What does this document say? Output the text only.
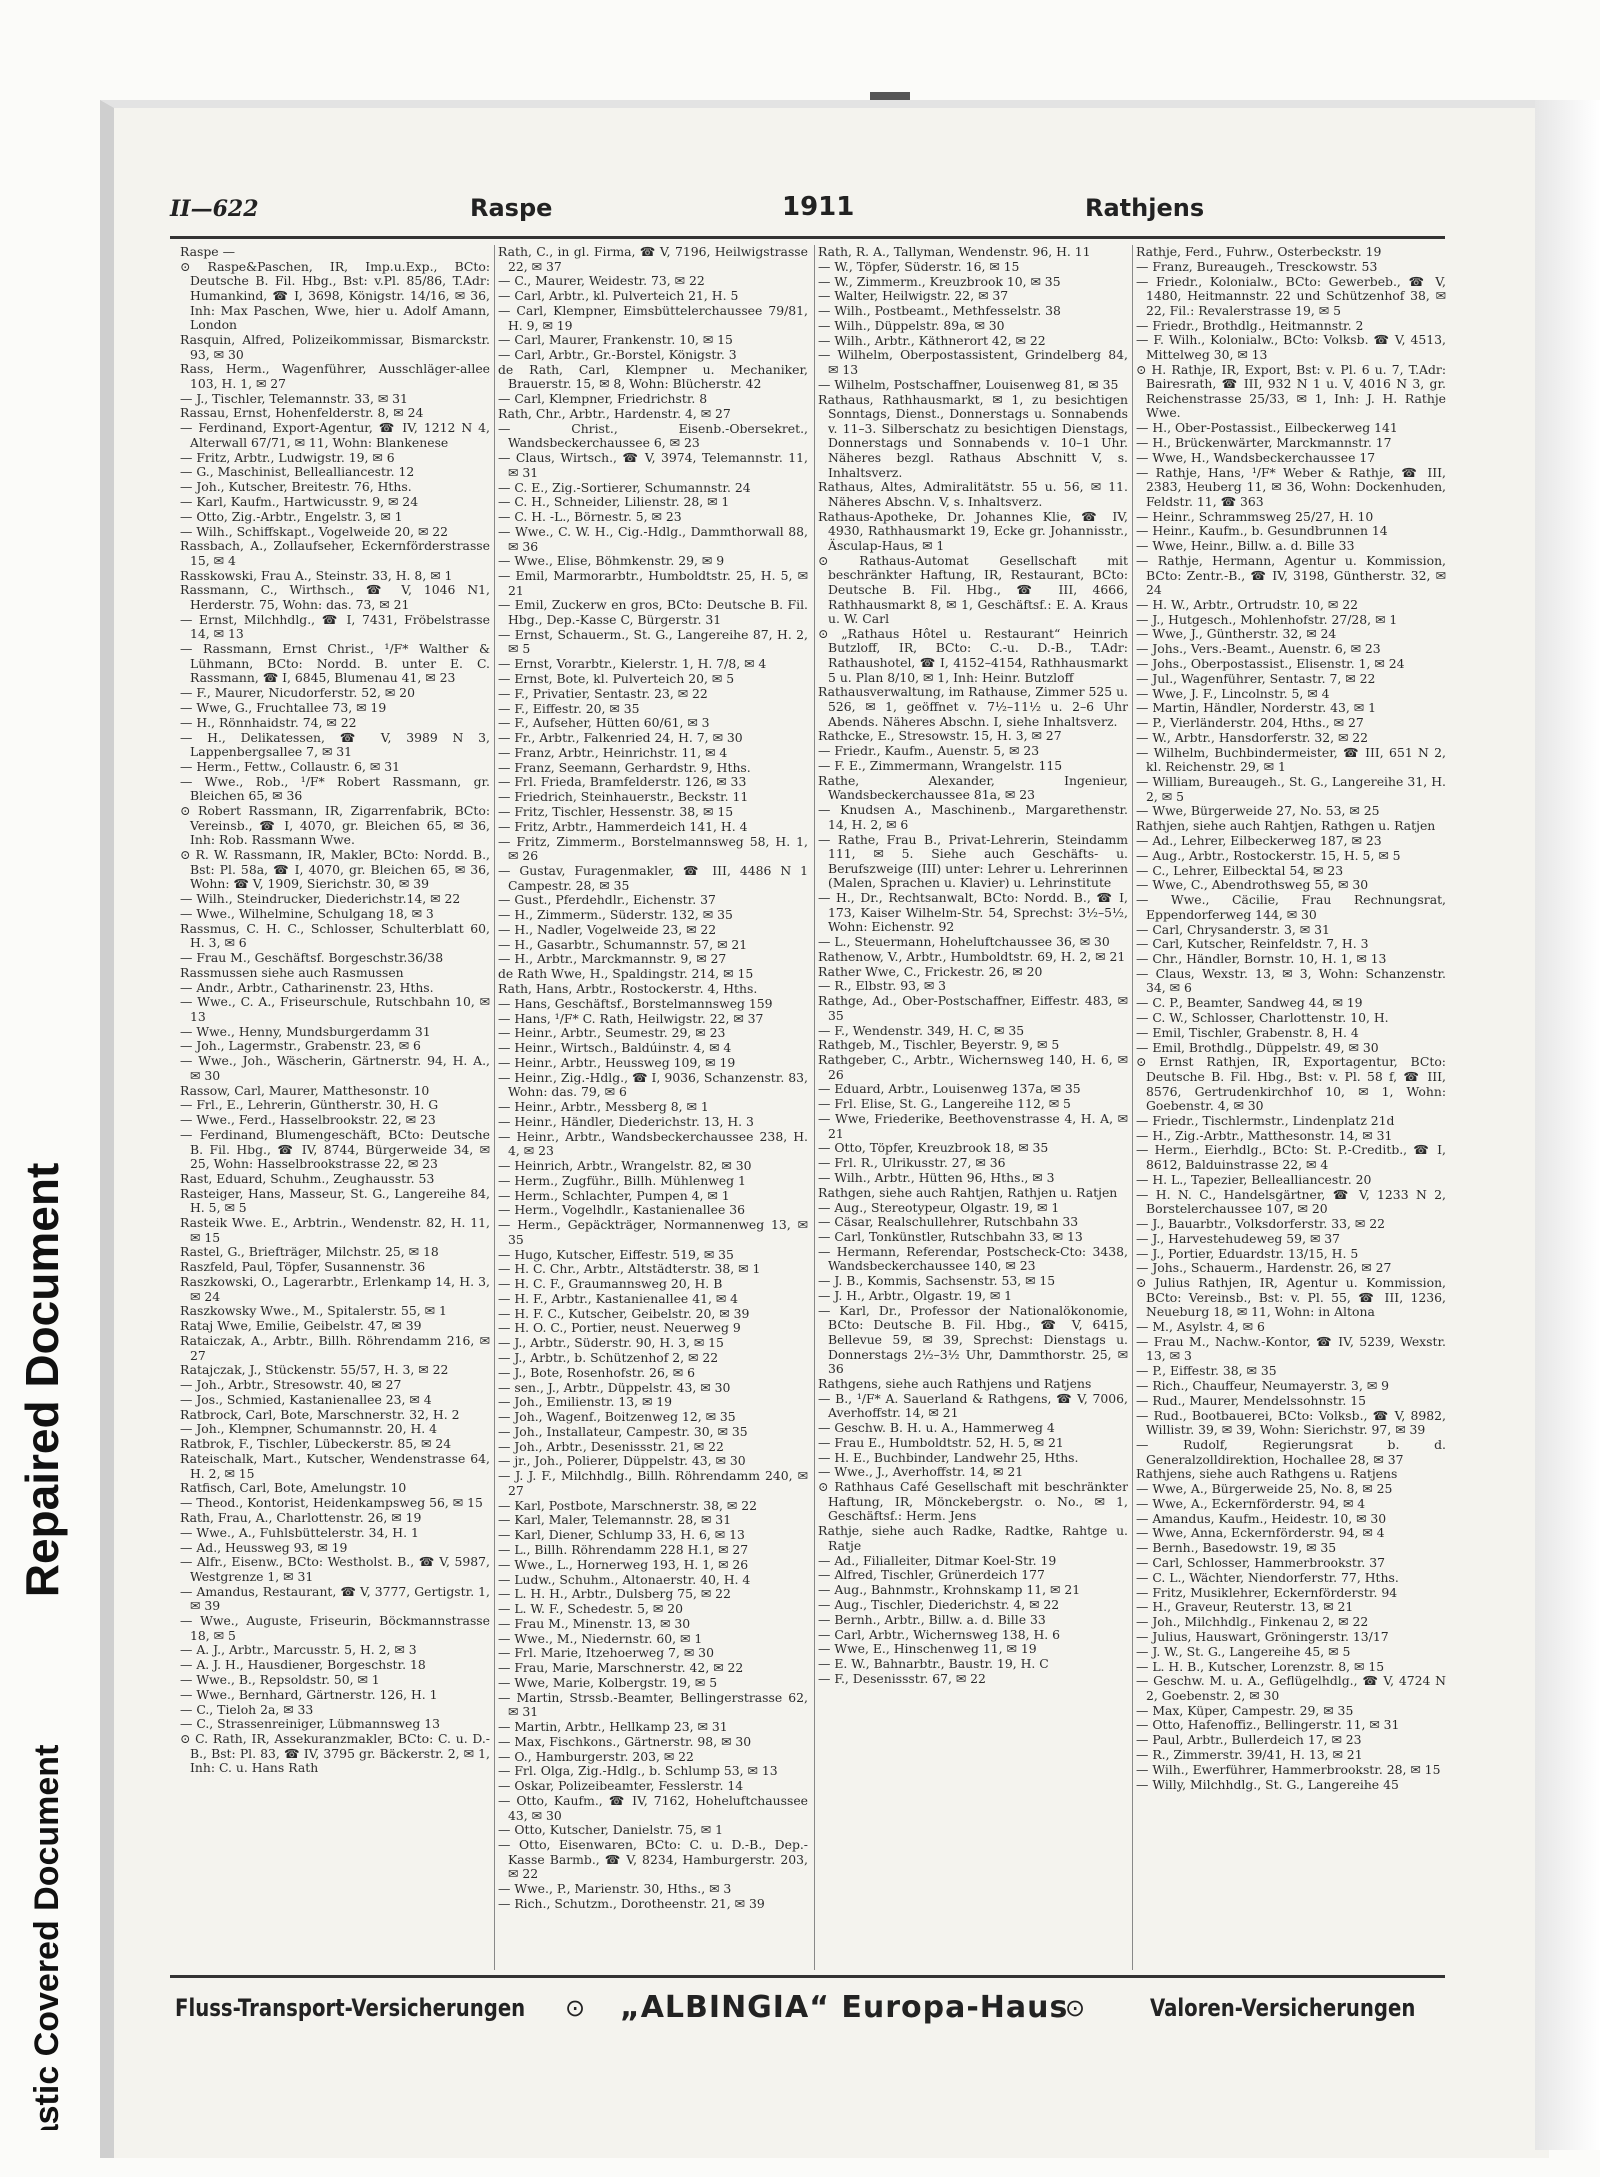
Repaired Document
Plastic Covered Document
II—622	Raspe	1911	Rathjens

Raspe —

⊙ Raspe&Paschen, IR, Imp.u.Exp., BCto: Deutsche B. Fil. Hbg., Bst: v.Pl. 85/86, T.Adr: Humankind, ☎ I, 3698, Königstr. 14/16, ✉ 36, Inh: Max Paschen, Wwe, hier u. Adolf Amann, London

Rasquin, Alfred, Polizeikommissar, Bismarckstr. 93, ✉ 30

Rass, Herm., Wagenführer, Ausschläger-allee 103, H. 1, ✉ 27

— J., Tischler, Telemannstr. 33, ✉ 31

Rassau, Ernst, Hohenfelderstr. 8, ✉ 24

— Ferdinand, Export-Agentur, ☎ IV, 1212 N 4, Alterwall 67/71, ✉ 11, Wohn: Blankenese

— Fritz, Arbtr., Ludwigstr. 19, ✉ 6

— G., Maschinist, Bellealliancestr. 12

— Joh., Kutscher, Breitestr. 76, Hths.

— Karl, Kaufm., Hartwicusstr. 9, ✉ 24

— Otto, Zig.-Arbtr., Engelstr. 3, ✉ 1

— Wilh., Schiffskapt., Vogelweide 20, ✉ 22

Rassbach, A., Zollaufseher, Eckernförderstrasse 15, ✉ 4

Rasskowski, Frau A., Steinstr. 33, H. 8, ✉ 1

Rassmann, C., Wirthsch., ☎ V, 1046 N1, Herderstr. 75, Wohn: das. 73, ✉ 21

— Ernst, Milchhdlg., ☎ I, 7431, Fröbelstrasse 14, ✉ 13

— Rassmann, Ernst Christ., ¹/F* Walther & Lühmann, BCto: Nordd. B. unter E. C. Rassmann, ☎ I, 6845, Blumenau 41, ✉ 23

— F., Maurer, Nicudorferstr. 52, ✉ 20

— Wwe, G., Fruchtallee 73, ✉ 19

— H., Rönnhaidstr. 74, ✉ 22

— H., Delikatessen, ☎ V, 3989 N 3, Lappenbergsallee 7, ✉ 31

— Herm., Fettw., Collaustr. 6, ✉ 31

— Wwe., Rob., ¹/F* Robert Rassmann, gr. Bleichen 65, ✉ 36

⊙ Robert Rassmann, IR, Zigarrenfabrik, BCto: Vereinsb., ☎ I, 4070, gr. Bleichen 65, ✉ 36, Inh: Rob. Rassmann Wwe.

⊙ R. W. Rassmann, IR, Makler, BCto: Nordd. B., Bst: Pl. 58a, ☎ I, 4070, gr. Bleichen 65, ✉ 36, Wohn: ☎ V, 1909, Sierichstr. 30, ✉ 39

— Wilh., Steindrucker, Diederichstr.14, ✉ 22

— Wwe., Wilhelmine, Schulgang 18, ✉ 3

Rassmus, C. H. C., Schlosser, Schulterblatt 60, H. 3, ✉ 6

— Frau M., Geschäftsf. Borgeschstr.36/38

Rassmussen siehe auch Rasmussen

— Andr., Arbtr., Catharinenstr. 23, Hths.

— Wwe., C. A., Friseurschule, Rutschbahn 10, ✉ 13

— Wwe., Henny, Mundsburgerdamm 31

— Joh., Lagermstr., Grabenstr. 23, ✉ 6

— Wwe., Joh., Wäscherin, Gärtnerstr. 94, H. A., ✉ 30

Rassow, Carl, Maurer, Matthesonstr. 10

— Frl., E., Lehrerin, Güntherstr. 30, H. G

— Wwe., Ferd., Hasselbrookstr. 22, ✉ 23

— Ferdinand, Blumengeschäft, BCto: Deutsche B. Fil. Hbg., ☎ IV, 8744, Bürgerweide 34, ✉ 25, Wohn: Hasselbrookstrasse 22, ✉ 23

Rast, Eduard, Schuhm., Zeughausstr. 53

Rasteiger, Hans, Masseur, St. G., Langereihe 84, H. 5, ✉ 5

Rasteik Wwe. E., Arbtrin., Wendenstr. 82, H. 11, ✉ 15

Rastel, G., Briefträger, Milchstr. 25, ✉ 18

Raszfeld, Paul, Töpfer, Susannenstr. 36

Raszkowski, O., Lagerarbtr., Erlenkamp 14, H. 3, ✉ 24

Raszkowsky Wwe., M., Spitalerstr. 55, ✉ 1

Rataj Wwe, Emilie, Geibelstr. 47, ✉ 39

Rataiczak, A., Arbtr., Billh. Röhrendamm 216, ✉ 27

Ratajczak, J., Stückenstr. 55/57, H. 3, ✉ 22

— Joh., Arbtr., Stresowstr. 40, ✉ 27

— Jos., Schmied, Kastanienallee 23, ✉ 4

Ratbrock, Carl, Bote, Marschnerstr. 32, H. 2

— Joh., Klempner, Schumannstr. 20, H. 4

Ratbrok, F., Tischler, Lübeckerstr. 85, ✉ 24

Rateischalk, Mart., Kutscher, Wendenstrasse 64, H. 2, ✉ 15

Ratfisch, Carl, Bote, Amelungstr. 10

— Theod., Kontorist, Heidenkampsweg 56, ✉ 15

Rath, Frau, A., Charlottenstr. 26, ✉ 19

— Wwe., A., Fuhlsbüttelerstr. 34, H. 1

— Ad., Heussweg 93, ✉ 19

— Alfr., Eisenw., BCto: Westholst. B., ☎ V, 5987, Westgrenze 1, ✉ 31

— Amandus, Restaurant, ☎ V, 3777, Gertigstr. 1, ✉ 39

— Wwe., Auguste, Friseurin, Böckmannstrasse 18, ✉ 5

— A. J., Arbtr., Marcusstr. 5, H. 2, ✉ 3

— A. J. H., Hausdiener, Borgeschstr. 18

— Wwe., B., Repsoldstr. 50, ✉ 1

— Wwe., Bernhard, Gärtnerstr. 126, H. 1

— C., Tieloh 2a, ✉ 33

— C., Strassenreiniger, Lübmannsweg 13

⊙ C. Rath, IR, Assekuranzmakler, BCto: C. u. D.-B., Bst: Pl. 83, ☎ IV, 3795 gr. Bäckerstr. 2, ✉ 1, Inh: C. u. Hans Rath

Rath, C., in gl. Firma, ☎ V, 7196, Heilwigstrasse 22, ✉ 37

— C., Maurer, Weidestr. 73, ✉ 22

— Carl, Arbtr., kl. Pulverteich 21, H. 5

— Carl, Klempner, Eimsbüttelerchaussee 79/81, H. 9, ✉ 19

— Carl, Maurer, Frankenstr. 10, ✉ 15

— Carl, Arbtr., Gr.-Borstel, Königstr. 3

de Rath, Carl, Klempner u. Mechaniker, Brauerstr. 15, ✉ 8, Wohn: Blücherstr. 42

— Carl, Klempner, Friedrichstr. 8

Rath, Chr., Arbtr., Hardenstr. 4, ✉ 27

— Christ., Eisenb.-Obersekret., Wandsbeckerchaussee 6, ✉ 23

— Claus, Wirtsch., ☎ V, 3974, Telemannstr. 11, ✉ 31

— C. E., Zig.-Sortierer, Schumannstr. 24

— C. H., Schneider, Lilienstr. 28, ✉ 1

— C. H. -L., Börnestr. 5, ✉ 23

— Wwe., C. W. H., Cig.-Hdlg., Dammthorwall 88, ✉ 36

— Wwe., Elise, Böhmkenstr. 29, ✉ 9

— Emil, Marmorarbtr., Humboldtstr. 25, H. 5, ✉ 21

— Emil, Zuckerw en gros, BCto: Deutsche B. Fil. Hbg., Dep.-Kasse C, Bürgerstr. 31

— Ernst, Schauerm., St. G., Langereihe 87, H. 2, ✉ 5

— Ernst, Vorarbtr., Kielerstr. 1, H. 7/8, ✉ 4

— Ernst, Bote, kl. Pulverteich 20, ✉ 5

— F., Privatier, Sentastr. 23, ✉ 22

— F., Eiffestr. 20, ✉ 35

— F., Aufseher, Hütten 60/61, ✉ 3

— Fr., Arbtr., Falkenried 24, H. 7, ✉ 30

— Franz, Arbtr., Heinrichstr. 11, ✉ 4

— Franz, Seemann, Gerhardstr. 9, Hths.

— Frl. Frieda, Bramfelderstr. 126, ✉ 33

— Friedrich, Steinhauerstr., Beckstr. 11

— Fritz, Tischler, Hessenstr. 38, ✉ 15

— Fritz, Arbtr., Hammerdeich 141, H. 4

— Fritz, Zimmerm., Borstelmannsweg 58, H. 1, ✉ 26

— Gustav, Furagenmakler, ☎ III, 4486 N 1 Campestr. 28, ✉ 35

— Gust., Pferdehdlr., Eichenstr. 37

— H., Zimmerm., Süderstr. 132, ✉ 35

— H., Nadler, Vogelweide 23, ✉ 22

— H., Gasarbtr., Schumannstr. 57, ✉ 21

— H., Arbtr., Marckmannstr. 9, ✉ 27

de Rath Wwe, H., Spaldingstr. 214, ✉ 15

Rath, Hans, Arbtr., Rostockerstr. 4, Hths.

— Hans, Geschäftsf., Borstelmannsweg 159

— Hans, ¹/F* C. Rath, Heilwigstr. 22, ✉ 37

— Heinr., Arbtr., Seumestr. 29, ✉ 23

— Heinr., Wirtsch., Baldúinstr. 4, ✉ 4

— Heinr., Arbtr., Heussweg 109, ✉ 19

— Heinr., Zig.-Hdlg., ☎ I, 9036, Schanzenstr. 83, Wohn: das. 79, ✉ 6

— Heinr., Arbtr., Messberg 8, ✉ 1

— Heinr., Händler, Diederichstr. 13, H. 3

— Heinr., Arbtr., Wandsbeckerchaussee 238, H. 4, ✉ 23

— Heinrich, Arbtr., Wrangelstr. 82, ✉ 30

— Herm., Zugführ., Billh. Mühlenweg 1

— Herm., Schlachter, Pumpen 4, ✉ 1

— Herm., Vogelhdlr., Kastanienallee 36

— Herm., Gepäckträger, Normannenweg 13, ✉ 35

— Hugo, Kutscher, Eiffestr. 519, ✉ 35

— H. C. Chr., Arbtr., Altstädterstr. 38, ✉ 1

— H. C. F., Graumannsweg 20, H. B

— H. F., Arbtr., Kastanienallee 41, ✉ 4

— H. F. C., Kutscher, Geibelstr. 20, ✉ 39

— H. O. C., Portier, neust. Neuerweg 9

— J., Arbtr., Süderstr. 90, H. 3, ✉ 15

— J., Arbtr., b. Schützenhof 2, ✉ 22

— J., Bote, Rosenhofstr. 26, ✉ 6

— sen., J., Arbtr., Düppelstr. 43, ✉ 30

— Joh., Emilienstr. 13, ✉ 19

— Joh., Wagenf., Boitzenweg 12, ✉ 35

— Joh., Installateur, Campestr. 30, ✉ 35

— Joh., Arbtr., Desenissstr. 21, ✉ 22

— jr., Joh., Polierer, Düppelstr. 43, ✉ 30

— J. J. F., Milchhdlg., Billh. Röhrendamm 240, ✉ 27

— Karl, Postbote, Marschnerstr. 38, ✉ 22

— Karl, Maler, Telemannstr. 28, ✉ 31

— Karl, Diener, Schlump 33, H. 6, ✉ 13

— L., Billh. Röhrendamm 228 H.1, ✉ 27

— Wwe., L., Hornerweg 193, H. 1, ✉ 26

— Ludw., Schuhm., Altonaerstr. 40, H. 4

— L. H. H., Arbtr., Dulsberg 75, ✉ 22

— L. W. F., Schedestr. 5, ✉ 20

— Frau M., Minenstr. 13, ✉ 30

— Wwe., M., Niedernstr. 60, ✉ 1

— Frl. Marie, Itzehoerweg 7, ✉ 30

— Frau, Marie, Marschnerstr. 42, ✉ 22

— Wwe, Marie, Kolbergstr. 19, ✉ 5

— Martin, Strssb.-Beamter, Bellingerstrasse 62, ✉ 31

— Martin, Arbtr., Hellkamp 23, ✉ 31

— Max, Fischkons., Gärtnerstr. 98, ✉ 30

— O., Hamburgerstr. 203, ✉ 22

— Frl. Olga, Zig.-Hdlg., b. Schlump 53, ✉ 13

— Oskar, Polizeibeamter, Fesslerstr. 14

— Otto, Kaufm., ☎ IV, 7162, Hoheluftchaussee 43, ✉ 30

— Otto, Kutscher, Danielstr. 75, ✉ 1

— Otto, Eisenwaren, BCto: C. u. D.-B., Dep.-Kasse Barmb., ☎ V, 8234, Hamburgerstr. 203, ✉ 22

— Wwe., P., Marienstr. 30, Hths., ✉ 3

— Rich., Schutzm., Dorotheenstr. 21, ✉ 39

Rath, R. A., Tallyman, Wendenstr. 96, H. 11

— W., Töpfer, Süderstr. 16, ✉ 15

— W., Zimmerm., Kreuzbrook 10, ✉ 35

— Walter, Heilwigstr. 22, ✉ 37

— Wilh., Postbeamt., Methfesselstr. 38

— Wilh., Düppelstr. 89a, ✉ 30

— Wilh., Arbtr., Käthnerort 42, ✉ 22

— Wilhelm, Oberpostassistent, Grindelberg 84, ✉ 13

— Wilhelm, Postschaffner, Louisenweg 81, ✉ 35

Rathaus, Rathhausmarkt, ✉ 1, zu besichtigen Sonntags, Dienst., Donnerstags u. Sonnabends v. 11–3. Silberschatz zu besichtigen Dienstags, Donnerstags und Sonnabends v. 10–1 Uhr. Näheres bezgl. Rathaus Abschnitt V, s. Inhaltsverz.

Rathaus, Altes, Admiralitätstr. 55 u. 56, ✉ 11. Näheres Abschn. V, s. Inhaltsverz.

Rathaus-Apotheke, Dr. Johannes Klie, ☎ IV, 4930, Rathhausmarkt 19, Ecke gr. Johannisstr., Äsculap-Haus, ✉ 1

⊙ Rathaus-Automat Gesellschaft mit beschränkter Haftung, IR, Restaurant, BCto: Deutsche B. Fil. Hbg., ☎ III, 4666, Rathhausmarkt 8, ✉ 1, Geschäftsf.: E. A. Kraus u. W. Carl

⊙ „Rathaus Hôtel u. Restaurant“ Heinrich Butzloff, IR, BCto: C.-u. D.-B., T.Adr: Rathaushotel, ☎ I, 4152–4154, Rathhausmarkt 5 u. Plan 8/10, ✉ 1, Inh: Heinr. Butzloff

Rathausverwaltung, im Rathause, Zimmer 525 u. 526, ✉ 1, geöffnet v. 7½–11½ u. 2–6 Uhr Abends. Näheres Abschn. I, siehe Inhaltsverz.

Rathcke, E., Stresowstr. 15, H. 3, ✉ 27

— Friedr., Kaufm., Auenstr. 5, ✉ 23

— F. E., Zimmermann, Wrangelstr. 115

Rathe, Alexander, Ingenieur, Wandsbeckerchaussee 81a, ✉ 23

— Knudsen A., Maschinenb., Margarethenstr. 14, H. 2, ✉ 6

— Rathe, Frau B., Privat-Lehrerin, Steindamm 111, ✉ 5. Siehe auch Geschäfts- u. Berufszweige (III) unter: Lehrer u. Lehrerinnen (Malen, Sprachen u. Klavier) u. Lehrinstitute

— H., Dr., Rechtsanwalt, BCto: Nordd. B., ☎ I, 173, Kaiser Wilhelm-Str. 54, Sprechst: 3½–5½, Wohn: Eichenstr. 92

— L., Steuermann, Hoheluftchaussee 36, ✉ 30

Rathenow, V., Arbtr., Humboldtstr. 69, H. 2, ✉ 21

Rather Wwe, C., Frickestr. 26, ✉ 20

— R., Elbstr. 93, ✉ 3

Rathge, Ad., Ober-Postschaffner, Eiffestr. 483, ✉ 35

— F., Wendenstr. 349, H. C, ✉ 35

Rathgeb, M., Tischler, Beyerstr. 9, ✉ 5

Rathgeber, C., Arbtr., Wichernsweg 140, H. 6, ✉ 26

— Eduard, Arbtr., Louisenweg 137a, ✉ 35

— Frl. Elise, St. G., Langereihe 112, ✉ 5

— Wwe, Friederike, Beethovenstrasse 4, H. A, ✉ 21

— Otto, Töpfer, Kreuzbrook 18, ✉ 35

— Frl. R., Ulrikusstr. 27, ✉ 36

— Wilh., Arbtr., Hütten 96, Hths., ✉ 3

Rathgen, siehe auch Rahtjen, Rathjen u. Ratjen

— Aug., Stereotypeur, Olgastr. 19, ✉ 1

— Cäsar, Realschullehrer, Rutschbahn 33

— Carl, Tonkünstler, Rutschbahn 33, ✉ 13

— Hermann, Referendar, Postscheck-Cto: 3438, Wandsbeckerchaussee 140, ✉ 23

— J. B., Kommis, Sachsenstr. 53, ✉ 15

— J. H., Arbtr., Olgastr. 19, ✉ 1

— Karl, Dr., Professor der Nationalökonomie, BCto: Deutsche B. Fil. Hbg., ☎ V, 6415, Bellevue 59, ✉ 39, Sprechst: Dienstags u. Donnerstags 2½–3½ Uhr, Dammthorstr. 25, ✉ 36

Rathgens, siehe auch Rathjens und Ratjens

— B., ¹/F* A. Sauerland & Rathgens, ☎ V, 7006, Averhoffstr. 14, ✉ 21

— Geschw. B. H. u. A., Hammerweg 4

— Frau E., Humboldtstr. 52, H. 5, ✉ 21

— H. E., Buchbinder, Landwehr 25, Hths.

— Wwe., J., Averhoffstr. 14, ✉ 21

⊙ Rathhaus Café Gesellschaft mit beschränkter Haftung, IR, Mönckebergstr. o. No., ✉ 1, Geschäftsf.: Herm. Jens

Rathje, siehe auch Radke, Radtke, Rahtge u. Ratje

— Ad., Filialleiter, Ditmar Koel-Str. 19

— Alfred, Tischler, Grünerdeich 177

— Aug., Bahnmstr., Krohnskamp 11, ✉ 21

— Aug., Tischler, Diederichstr. 4, ✉ 22

— Bernh., Arbtr., Billw. a. d. Bille 33

— Carl, Arbtr., Wichernsweg 138, H. 6

— Wwe, E., Hinschenweg 11, ✉ 19

— E. W., Bahnarbtr., Baustr. 19, H. C

— F., Desenissstr. 67, ✉ 22

Rathje, Ferd., Fuhrw., Osterbeckstr. 19

— Franz, Bureaugeh., Tresckowstr. 53

— Friedr., Kolonialw., BCto: Gewerbeb., ☎ V, 1480, Heitmannstr. 22 und Schützenhof 38, ✉ 22, Fil.: Revalerstrasse 19, ✉ 5

— Friedr., Brothdlg., Heitmannstr. 2

— F. Wilh., Kolonialw., BCto: Volksb. ☎ V, 4513, Mittelweg 30, ✉ 13

⊙ H. Rathje, IR, Export, Bst: v. Pl. 6 u. 7, T.Adr: Bairesrath, ☎ III, 932 N 1 u. V, 4016 N 3, gr. Reichenstrasse 25/33, ✉ 1, Inh: J. H. Rathje Wwe.

— H., Ober-Postassist., Eilbeckerweg 141

— H., Brückenwärter, Marckmannstr. 17

— Wwe, H., Wandsbeckerchaussee 17

— Rathje, Hans, ¹/F* Weber & Rathje, ☎ III, 2383, Heuberg 11, ✉ 36, Wohn: Dockenhuden, Feldstr. 11, ☎ 363

— Heinr., Schrammsweg 25/27, H. 10

— Heinr., Kaufm., b. Gesundbrunnen 14

— Wwe, Heinr., Billw. a. d. Bille 33

— Rathje, Hermann, Agentur u. Kommission, BCto: Zentr.-B., ☎ IV, 3198, Güntherstr. 32, ✉ 24

— H. W., Arbtr., Ortrudstr. 10, ✉ 22

— J., Hutgesch., Mohlenhofstr. 27/28, ✉ 1

— Wwe, J., Güntherstr. 32, ✉ 24

— Johs., Vers.-Beamt., Auenstr. 6, ✉ 23

— Johs., Oberpostassist., Elisenstr. 1, ✉ 24

— Jul., Wagenführer, Sentastr. 7, ✉ 22

— Wwe, J. F., Lincolnstr. 5, ✉ 4

— Martin, Händler, Norderstr. 43, ✉ 1

— P., Vierländerstr. 204, Hths., ✉ 27

— W., Arbtr., Hansdorferstr. 32, ✉ 22

— Wilhelm, Buchbindermeister, ☎ III, 651 N 2, kl. Reichenstr. 29, ✉ 1

— William, Bureaugeh., St. G., Langereihe 31, H. 2, ✉ 5

— Wwe, Bürgerweide 27, No. 53, ✉ 25

Rathjen, siehe auch Rahtjen, Rathgen u. Ratjen

— Ad., Lehrer, Eilbeckerweg 187, ✉ 23

— Aug., Arbtr., Rostockerstr. 15, H. 5, ✉ 5

— C., Lehrer, Eilbecktal 54, ✉ 23

— Wwe, C., Abendrothsweg 55, ✉ 30

— Wwe., Cäcilie, Frau Rechnungsrat, Eppendorferweg 144, ✉ 30

— Carl, Chrysanderstr. 3, ✉ 31

— Carl, Kutscher, Reinfeldstr. 7, H. 3

— Chr., Händler, Bornstr. 10, H. 1, ✉ 13

— Claus, Wexstr. 13, ✉ 3, Wohn: Schanzenstr. 34, ✉ 6

— C. P., Beamter, Sandweg 44, ✉ 19

— C. W., Schlosser, Charlottenstr. 10, H.

— Emil, Tischler, Grabenstr. 8, H. 4

— Emil, Brothdlg., Düppelstr. 49, ✉ 30

⊙ Ernst Rathjen, IR, Exportagentur, BCto: Deutsche B. Fil. Hbg., Bst: v. Pl. 58 f, ☎ III, 8576, Gertrudenkirchhof 10, ✉ 1, Wohn: Goebenstr. 4, ✉ 30

— Friedr., Tischlermstr., Lindenplatz 21d

— H., Zig.-Arbtr., Matthesonstr. 14, ✉ 31

— Herm., Eierhdlg., BCto: St. P.-Creditb., ☎ I, 8612, Balduinstrasse 22, ✉ 4

— H. L., Tapezier, Bellealliancestr. 20

— H. N. C., Handelsgärtner, ☎ V, 1233 N 2, Borstelerchaussee 107, ✉ 20

— J., Bauarbtr., Volksdorferstr. 33, ✉ 22

— J., Harvestehudeweg 59, ✉ 37

— J., Portier, Eduardstr. 13/15, H. 5

— Johs., Schauerm., Hardenstr. 26, ✉ 27

⊙ Julius Rathjen, IR, Agentur u. Kommission, BCto: Vereinsb., Bst: v. Pl. 55, ☎ III, 1236, Neueburg 18, ✉ 11, Wohn: in Altona

— M., Asylstr. 4, ✉ 6

— Frau M., Nachw.-Kontor, ☎ IV, 5239, Wexstr. 13, ✉ 3

— P., Eiffestr. 38, ✉ 35

— Rich., Chauffeur, Neumayerstr. 3, ✉ 9

— Rud., Maurer, Mendelssohnstr. 15

— Rud., Bootbauerei, BCto: Volksb., ☎ V, 8982, Willistr. 39, ✉ 39, Wohn: Sierichstr. 97, ✉ 39

— Rudolf, Regierungsrat b. d. Generalzolldirektion, Hochallee 28, ✉ 37

Rathjens, siehe auch Rathgens u. Ratjens

— Wwe, A., Bürgerweide 25, No. 8, ✉ 25

— Wwe, A., Eckernförderstr. 94, ✉ 4

— Amandus, Kaufm., Heidestr. 10, ✉ 30

— Wwe, Anna, Eckernförderstr. 94, ✉ 4

— Bernh., Basedowstr. 19, ✉ 35

— Carl, Schlosser, Hammerbrookstr. 37

— C. L., Wächter, Niendorferstr. 77, Hths.

— Fritz, Musiklehrer, Eckernförderstr. 94

— H., Graveur, Reuterstr. 13, ✉ 21

— Joh., Milchhdlg., Finkenau 2, ✉ 22

— Julius, Hauswart, Gröningerstr. 13/17

— J. W., St. G., Langereihe 45, ✉ 5

— L. H. B., Kutscher, Lorenzstr. 8, ✉ 15

— Geschw. M. u. A., Geflügelhdlg., ☎ V, 4724 N 2, Goebenstr. 2, ✉ 30

— Max, Küper, Campestr. 29, ✉ 35

— Otto, Hafenoffiz., Bellingerstr. 11, ✉ 31

— Paul, Arbtr., Bullerdeich 17, ✉ 23

— R., Zimmerstr. 39/41, H. 13, ✉ 21

— Wilh., Ewerführer, Hammerbrookstr. 28, ✉ 15

— Willy, Milchhdlg., St. G., Langereihe 45

Fluss-Transport-Versicherungen ⊙ „ALBINGIA“ Europa-Haus
⊙	Valoren-Versicherungen
